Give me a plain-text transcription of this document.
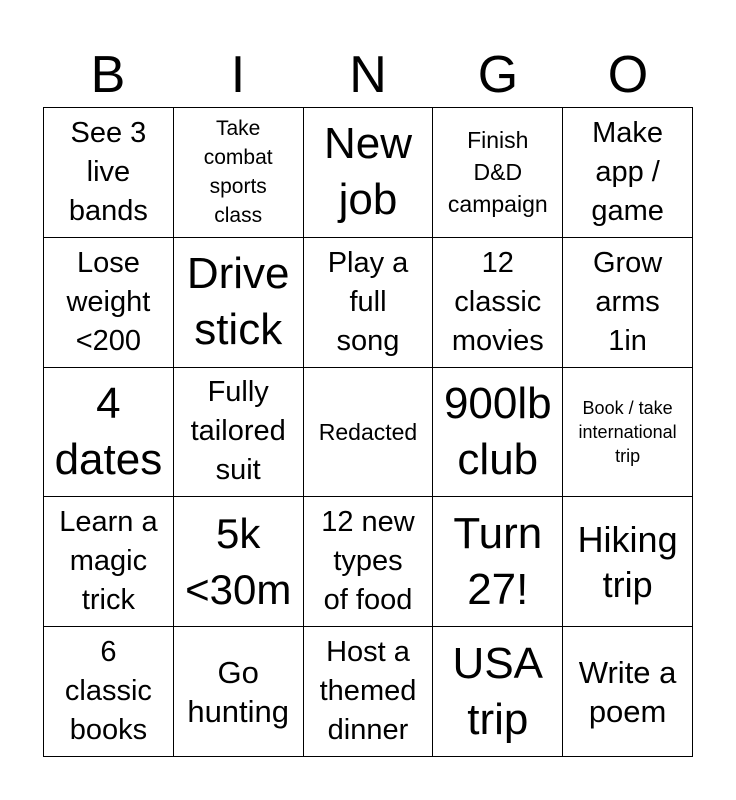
B	I	N	G	O
See 3
live
bands
Take
combat
sports
class
New
job
Finish
D&D
campaign
Make
app /
game
Lose
weight
<200
Drive
stick
Play a
full
song
12
classic
movies
Grow
arms
1in
4
dates
Fully
tailored
suit
Redacted
900lb
club
Book / take
international
trip
Learn a
magic
trick
5k
<30m
12 new
types
of food
Turn
27!
Hiking
trip
6
classic
books
Go
hunting
Host a
themed
dinner
USA
trip
Write a
poem
